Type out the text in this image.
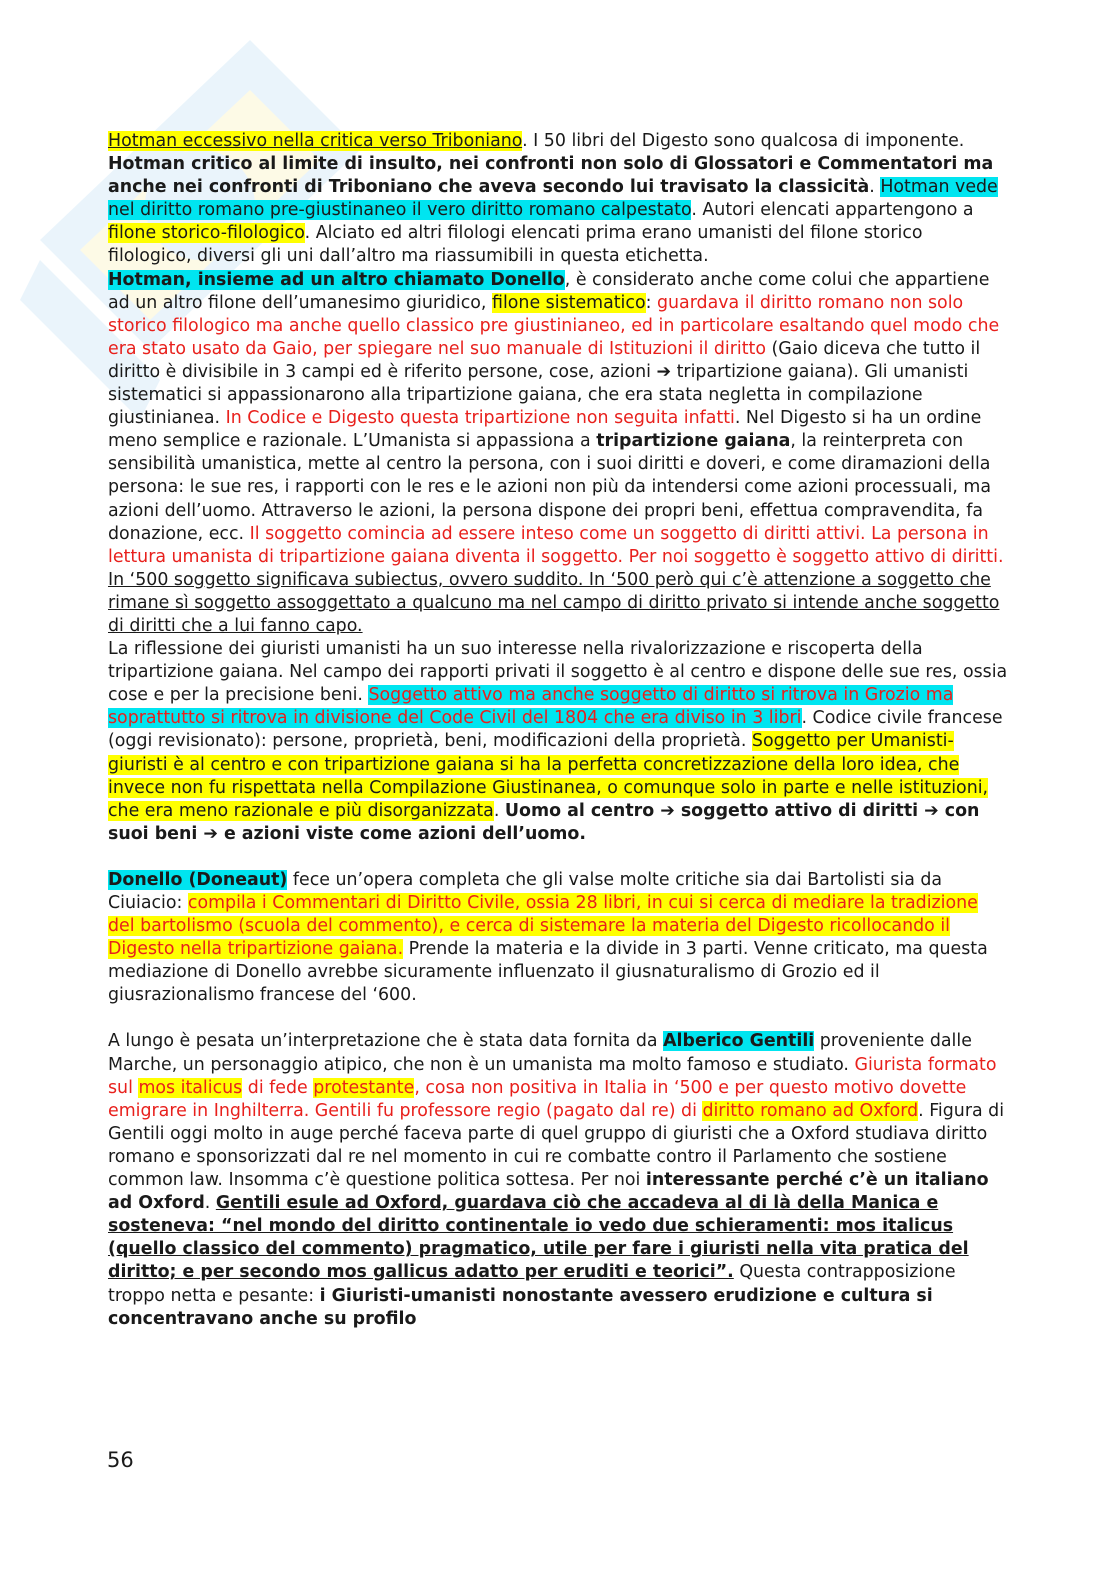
Hotman eccessivo nella critica verso Triboniano. I 50 libri del Digesto sono qualcosa di imponente. Hotman critico al limite di insulto, nei confronti non solo di Glossatori e Commentatori ma anche nei confronti di Triboniano che aveva secondo lui travisato la classicità. Hotman vede nel diritto romano pre-giustinaneo il vero diritto romano calpestato. Autori elencati appartengono a filone storico-filologico. Alciato ed altri filologi elencati prima erano umanisti del filone storico filologico, diversi gli uni dall’altro ma riassumibili in questa etichetta.

Hotman, insieme ad un altro chiamato Donello, è considerato anche come colui che appartiene ad un altro filone dell’umanesimo giuridico, filone sistematico: guardava il diritto romano non solo storico filologico ma anche quello classico pre giustinianeo, ed in particolare esaltando quel modo che era stato usato da Gaio, per spiegare nel suo manuale di Istituzioni il diritto (Gaio diceva che tutto il diritto è divisibile in 3 campi ed è riferito persone, cose, azioni ➔ tripartizione gaiana). Gli umanisti sistematici si appassionarono alla tripartizione gaiana, che era stata negletta in compilazione giustinianea. In Codice e Digesto questa tripartizione non seguita infatti. Nel Digesto si ha un ordine meno semplice e razionale. L’Umanista si appassiona a tripartizione gaiana, la reinterpreta con sensibilità umanistica, mette al centro la persona, con i suoi diritti e doveri, e come diramazioni della persona: le sue res, i rapporti con le res e le azioni non più da intendersi come azioni processuali, ma azioni dell’uomo. Attraverso le azioni, la persona dispone dei propri beni, effettua compravendita, fa donazione, ecc. Il soggetto comincia ad essere inteso come un soggetto di diritti attivi. La persona in lettura umanista di tripartizione gaiana diventa il soggetto. Per noi soggetto è soggetto attivo di diritti. In ‘500 soggetto significava subiectus, ovvero suddito. In ‘500 però qui c’è attenzione a soggetto che rimane sì soggetto assoggettato a qualcuno ma nel campo di diritto privato si intende anche soggetto di diritti che a lui fanno capo.

La riflessione dei giuristi umanisti ha un suo interesse nella rivalorizzazione e riscoperta della tripartizione gaiana. Nel campo dei rapporti privati il soggetto è al centro e dispone delle sue res, ossia cose e per la precisione beni. Soggetto attivo ma anche soggetto di diritto si ritrova in Grozio ma soprattutto si ritrova in divisione del Code Civil del 1804 che era diviso in 3 libri. Codice civile francese (oggi revisionato): persone, proprietà, beni, modificazioni della proprietà. Soggetto per Umanisti-giuristi è al centro e con tripartizione gaiana si ha la perfetta concretizzazione della loro idea, che invece non fu rispettata nella Compilazione Giustinanea, o comunque solo in parte e nelle istituzioni, che era meno razionale e più disorganizzata. Uomo al centro ➔ soggetto attivo di diritti ➔ con suoi beni ➔ e azioni viste come azioni dell’uomo.

Donello (Doneaut) fece un’opera completa che gli valse molte critiche sia dai Bartolisti sia da Ciuiacio: compila i Commentari di Diritto Civile, ossia 28 libri, in cui si cerca di mediare la tradizione del bartolismo (scuola del commento), e cerca di sistemare la materia del Digesto ricollocando il Digesto nella tripartizione gaiana. Prende la materia e la divide in 3 parti. Venne criticato, ma questa mediazione di Donello avrebbe sicuramente influenzato il giusnaturalismo di Grozio ed il giusrazionalismo francese del ‘600.

A lungo è pesata un’interpretazione che è stata data fornita da Alberico Gentili proveniente dalle Marche, un personaggio atipico, che non è un umanista ma molto famoso e studiato. Giurista formato sul mos italicus di fede protestante, cosa non positiva in Italia in ‘500 e per questo motivo dovette emigrare in Inghilterra. Gentili fu professore regio (pagato dal re) di diritto romano ad Oxford. Figura di Gentili oggi molto in auge perché faceva parte di quel gruppo di giuristi che a Oxford studiava diritto romano e sponsorizzati dal re nel momento in cui re combatte contro il Parlamento che sostiene common law. Insomma c’è questione politica sottesa. Per noi interessante perché c’è un italiano ad Oxford. Gentili esule ad Oxford, guardava ciò che accadeva al di là della Manica e sosteneva: “nel mondo del diritto continentale io vedo due schieramenti: mos italicus (quello classico del commento) pragmatico, utile per fare i giuristi nella vita pratica del diritto; e per secondo mos gallicus adatto per eruditi e teorici”. Questa contrapposizione troppo netta e pesante: i Giuristi-umanisti nonostante avessero erudizione e cultura si concentravano anche su profilo

56
